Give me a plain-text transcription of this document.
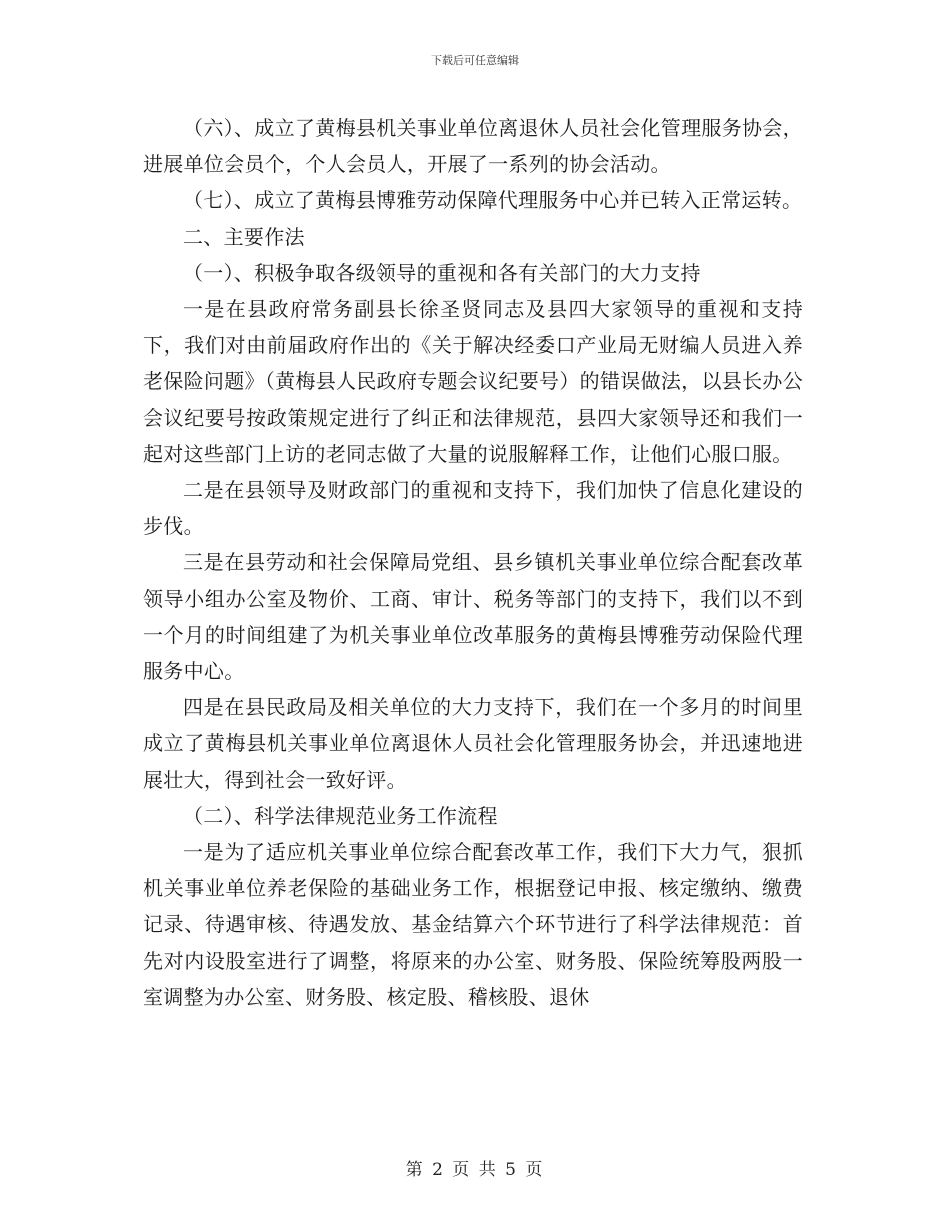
下载后可任意编辑

（六）、成立了黄梅县机关事业单位离退休人员社会化管理服务协会，进展单位会员个，个人会员人，开展了一系列的协会活动。

（七）、成立了黄梅县博雅劳动保障代理服务中心并已转入正常运转。

二、主要作法

（一）、积极争取各级领导的重视和各有关部门的大力支持

一是在县政府常务副县长徐圣贤同志及县四大家领导的重视和支持下，我们对由前届政府作出的《关于解决经委口产业局无财编人员进入养老保险问题》（黄梅县人民政府专题会议纪要号）的错误做法，以县长办公会议纪要号按政策规定进行了纠正和法律规范，县四大家领导还和我们一起对这些部门上访的老同志做了大量的说服解释工作，让他们心服口服。

二是在县领导及财政部门的重视和支持下，我们加快了信息化建设的步伐。

三是在县劳动和社会保障局党组、县乡镇机关事业单位综合配套改革领导小组办公室及物价、工商、审计、税务等部门的支持下，我们以不到一个月的时间组建了为机关事业单位改革服务的黄梅县博雅劳动保险代理服务中心。

四是在县民政局及相关单位的大力支持下，我们在一个多月的时间里成立了黄梅县机关事业单位离退休人员社会化管理服务协会，并迅速地进展壮大，得到社会一致好评。

（二）、科学法律规范业务工作流程

一是为了适应机关事业单位综合配套改革工作，我们下大力气，狠抓机关事业单位养老保险的基础业务工作，根据登记申报、核定缴纳、缴费记录、待遇审核、待遇发放、基金结算六个环节进行了科学法律规范：首先对内设股室进行了调整，将原来的办公室、财务股、保险统筹股两股一室调整为办公室、财务股、核定股、稽核股、退休

第 2 页 共 5 页
